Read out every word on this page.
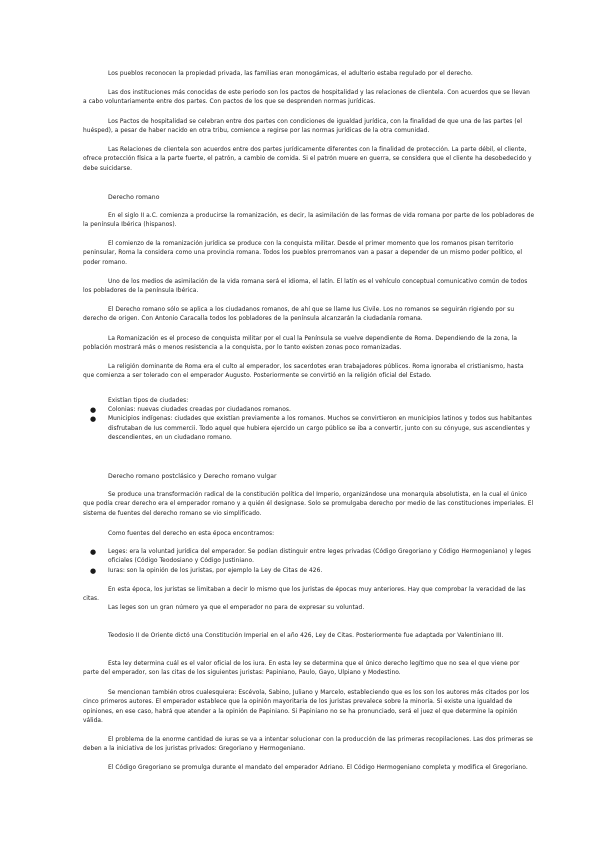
Los pueblos reconocen la propiedad privada, las familias eran monogámicas, el adulterio estaba regulado por el derecho.

Las dos instituciones más conocidas de este periodo son los pactos de hospitalidad y las relaciones de clientela. Con acuerdos que se llevan a cabo voluntariamente entre dos partes. Con pactos de los que se desprenden normas jurídicas.

Los Pactos de hospitalidad se celebran entre dos partes con condiciones de igualdad jurídica, con la finalidad de que una de las partes (el huésped), a pesar de haber nacido en otra tribu, comience a regirse por las normas jurídicas de la otra comunidad.

Las Relaciones de clientela son acuerdos entre dos partes jurídicamente diferentes con la finalidad de protección. La parte débil, el cliente, ofrece protección física a la parte fuerte, el patrón, a cambio de comida. Si el patrón muere en guerra, se considera que el cliente ha desobedecido y debe suicidarse.

Derecho romano

En el siglo II a.C. comienza a producirse la romanización, es decir, la asimilación de las formas de vida romana por parte de los pobladores de la península Ibérica (hispanos).

El comienzo de la romanización jurídica se produce con la conquista militar. Desde el primer momento que los romanos pisan territorio peninsular, Roma la considera como una provincia romana. Todos los pueblos prerromanos van a pasar a depender de un mismo poder político, el poder romano.

Uno de los medios de asimilación de la vida romana será el idioma, el latín. El latín es el vehículo conceptual comunicativo común de todos los pobladores de la península Ibérica.

El Derecho romano sólo se aplica a los ciudadanos romanos, de ahí que se llame Ius Civile. Los no romanos se seguirán rigiendo por su derecho de origen. Con Antonio Caracalla todos los pobladores de la península alcanzarán la ciudadanía romana.

La Romanización es el proceso de conquista militar por el cual la Península se vuelve dependiente de Roma. Dependiendo de la zona, la población mostrará más o menos resistencia a la conquista, por lo tanto existen zonas poco romanizadas.

La religión dominante de Roma era el culto al emperador, los sacerdotes eran trabajadores públicos. Roma ignoraba el cristianismo, hasta que comienza a ser tolerado con el emperador Augusto. Posteriormente se convirtió en la religión oficial del Estado.

Existían tipos de ciudades:

● Colonias: nuevas ciudades creadas por ciudadanos romanos.
● Municipios indígenas: ciudades que existían previamente a los romanos. Muchos se convirtieron en municipios latinos y todos sus habitantes disfrutaban de Ius commercii. Todo aquel que hubiera ejercido un cargo público se iba a convertir, junto con su cónyuge, sus ascendientes y descendientes, en un ciudadano romano.

Derecho romano postclásico y Derecho romano vulgar

Se produce una transformación radical de la constitución política del Imperio, organizándose una monarquía absolutista, en la cual el único que podía crear derecho era el emperador romano y a quién él designase. Solo se promulgaba derecho por medio de las constituciones imperiales. El sistema de fuentes del derecho romano se vio simplificado.

Como fuentes del derecho en esta época encontramos:

● Leges: era la voluntad jurídica del emperador. Se podían distinguir entre leges privadas (Código Gregoriano y Código Hermogeniano) y leges oficiales (Código Teodosiano y Código Justiniano.
● Iuras: son la opinión de los juristas, por ejemplo la Ley de Citas de 426.

En esta época, los juristas se limitaban a decir lo mismo que los juristas de épocas muy anteriores. Hay que comprobar la veracidad de las citas.

Las leges son un gran número ya que el emperador no para de expresar su voluntad.

Teodosio II de Oriente dictó una Constitución Imperial en el año 426, Ley de Citas. Posteriormente fue adaptada por Valentiniano III.

Esta ley determina cuál es el valor oficial de los iura. En esta ley se determina que el único derecho legítimo que no sea el que viene por parte del emperador, son las citas de los siguientes juristas: Papiniano, Paulo, Gayo, Ulpiano y Modestino.

Se mencionan también otros cualesquiera: Escévola, Sabino, Juliano y Marcelo, estableciendo que es los son los autores más citados por los cinco primeros autores. El emperador establece que la opinión mayoritaria de los juristas prevalece sobre la minoría. Si existe una igualdad de opiniones, en ese caso, habrá que atender a la opinión de Papiniano. Si Papiniano no se ha pronunciado, será el juez el que determine la opinión válida.

El problema de la enorme cantidad de iuras se va a intentar solucionar con la producción de las primeras recopilaciones. Las dos primeras se deben a la iniciativa de los juristas privados: Gregoriano y Hermogeniano.

El Código Gregoriano se promulga durante el mandato del emperador Adriano. El Código Hermogeniano completa y modifica el Gregoriano.
